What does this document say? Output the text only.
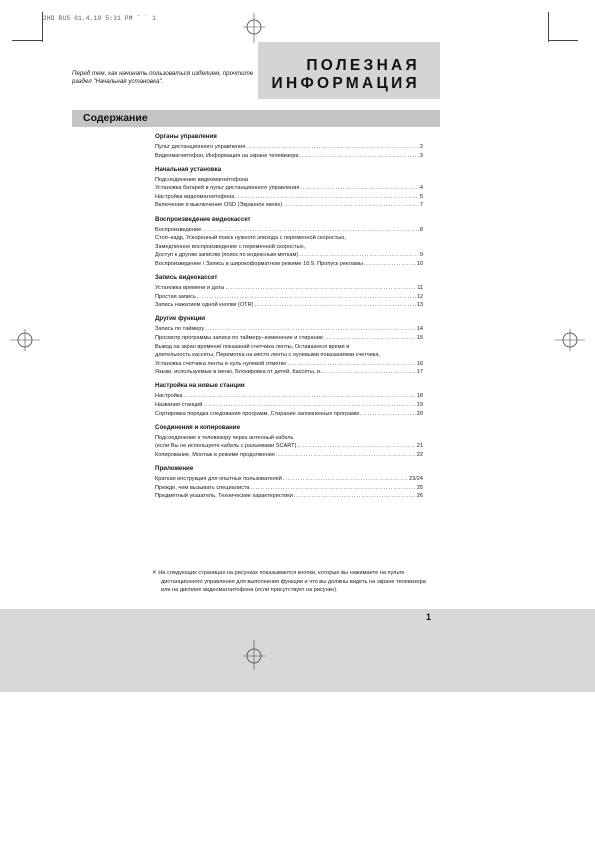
2HD RUS 01.4.19 5:31 PM ˘ ` 1
ПОЛЕЗНАЯ
ИНФОРМАЦИЯ
Перед тем, как начинать пользоваться изделием, прочтите раздел "Начальная установка".
Содержание
Органы управления
Пульт дистанционного управления . . .	2
Видеомагнитофон, Информация на экране телевизора . . .	3
Начальная установка
Подсоединение видеомагнитофона
Установка батарей в пульт дистанционного управления . . .	4
Настройка видеомагнитофона . . .	5
Включение и выключение OSD (Экранное меню) . . .	7
Воспроизведение видеокассет
Воспроизведение . . .	8
Стоп–кадр, Ускоренный поиск нужного эпизода с переменной скоростью,
Замедленное воспроизведение с переменной скоростью,
Доступ к другим записям (поиск по индексным меткам) . . .	9
Воспроизведение / Запись в широкоформатном режиме 16:9, Пропуск рекламы . . .	10
Запись видеокассет
Установка времени и даты . . .	11
Простая запись . . .	12
Запись нажатием одной кнопки (OTR) . . .	13
Другие функции
Запись по таймеру . . .	14
Просмотр программы записи по таймеру–изменение и стирание . . .	15
Вывод на экран времени/ показаний счетчика ленты, Оставшееся время и
длительность кассеты, Перемотка на место ленты с нулевыми показаниями счетчика,
Установка счетчика ленты в нуль нулевой отметке . . .	16
Языки, используемые в меню, Блокировка от детей, Кассеты, и... . . .	17
Настройка на новые станции
Настройка . . .	18
Названия станций . . .	19
Сортировка порядка следования программ, Стирание запомненных программ . . .	20
Соединения и копирование
Подсоединение к телевизору через антенный кабель
(если Вы не используете кабель с разъемами SCART) . . .	21
Копирование, Монтаж в режиме продолжения . . .	22
Приложение
Краткая инструкция для опытных пользователей . . .	23/24
Прежде, чем вызывать специалиста . . .	25
Предметный указатель, Технические характеристики . . .	26
✕ На следующих страницах на рисунках показываются кнопки, которые вы нажимаете на пульте дистанционного управления для выполнения функции и что вы должны видеть на экране телевизора или на дисплее видеомагнитофона (если присутствует на рисунке).
1
